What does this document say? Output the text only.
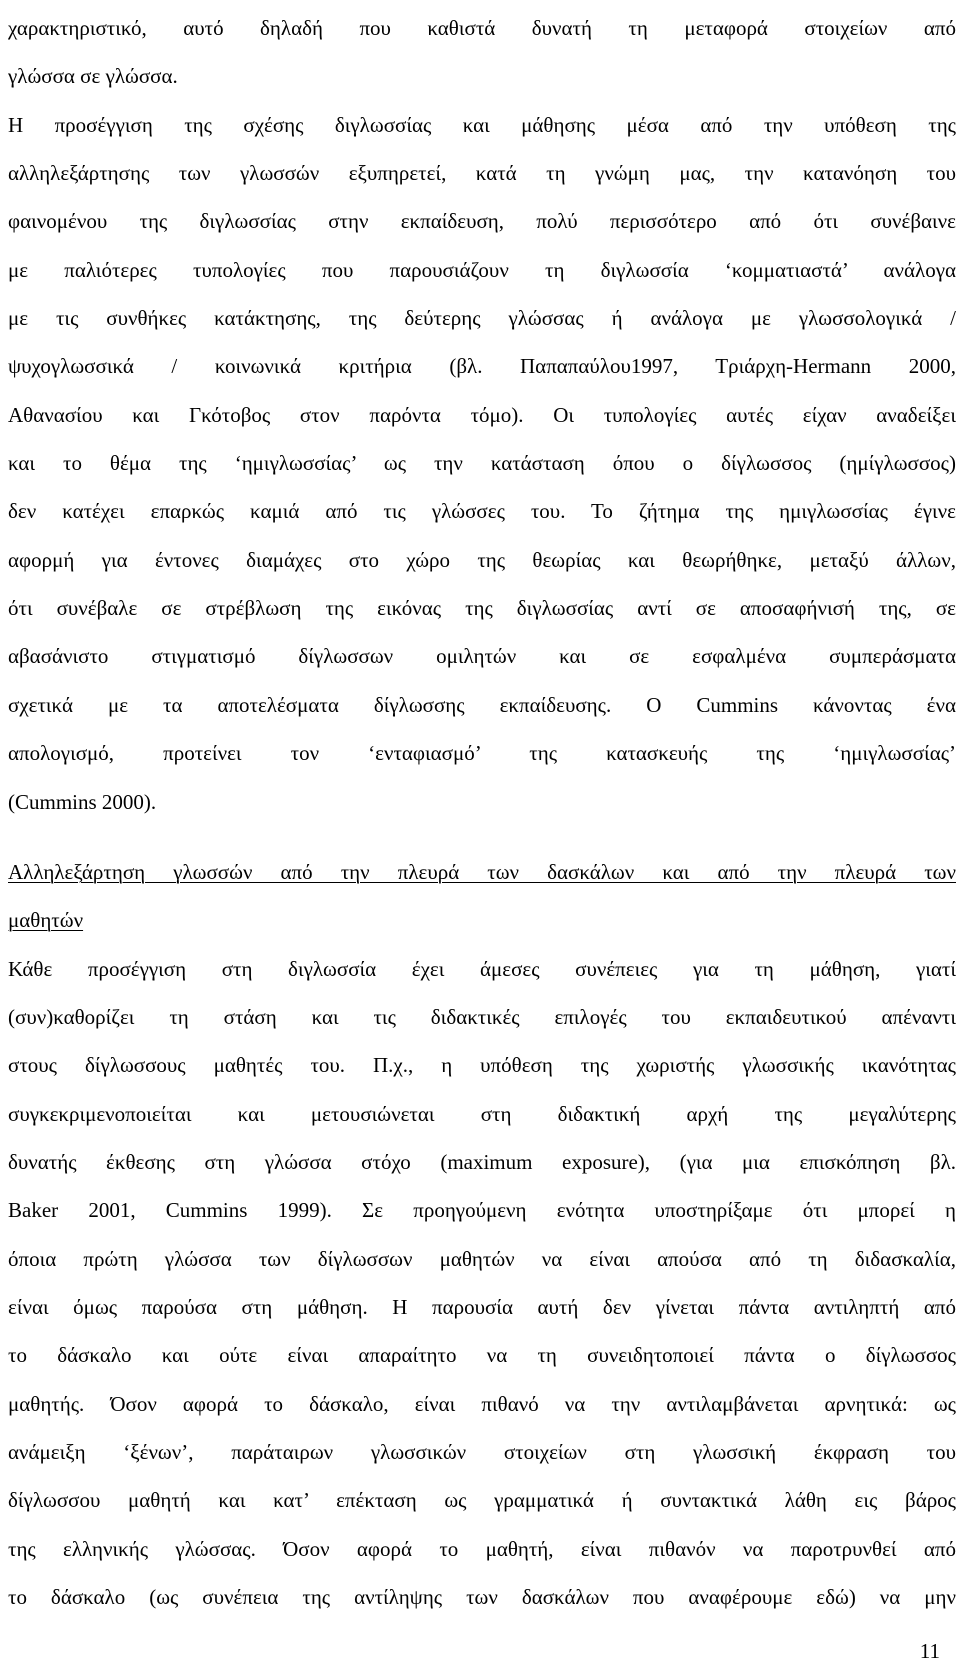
χαρακτηριστικό, αυτό δηλαδή που καθιστά δυνατή τη μεταφορά στοιχείων από
γλώσσα σε γλώσσα.
Η προσέγγιση της σχέσης διγλωσσίας και μάθησης μέσα από την υπόθεση της
αλληλεξάρτησης των γλωσσών εξυπηρετεί, κατά τη γνώμη μας, την κατανόηση του
φαινομένου της διγλωσσίας στην εκπαίδευση, πολύ περισσότερο από ότι συνέβαινε
με παλιότερες τυπολογίες που παρουσιάζουν τη διγλωσσία ‘κομματιαστά’ ανάλογα
με τις συνθήκες κατάκτησης, της δεύτερης γλώσσας ή ανάλογα με γλωσσολογικά /
ψυχογλωσσικά / κοινωνικά κριτήρια (βλ. Παπαπαύλου1997, Τριάρχη-Hermann 2000,
Αθανασίου και Γκότοβος στον παρόντα τόμο). Οι τυπολογίες αυτές είχαν αναδείξει
και το θέμα της ‘ημιγλωσσίας’ ως την κατάσταση όπου ο δίγλωσσος (ημίγλωσσος)
δεν κατέχει επαρκώς καμιά από τις γλώσσες του. Το ζήτημα της ημιγλωσσίας έγινε
αφορμή για έντονες διαμάχες στο χώρο της θεωρίας και θεωρήθηκε, μεταξύ άλλων,
ότι συνέβαλε σε στρέβλωση της εικόνας της διγλωσσίας αντί σε αποσαφήνισή της, σε
αβασάνιστο στιγματισμό δίγλωσσων ομιλητών και σε εσφαλμένα συμπεράσματα
σχετικά με τα αποτελέσματα δίγλωσσης εκπαίδευσης. Ο Cummins κάνοντας ένα
απολογισμό, προτείνει τον ‘ενταφιασμό’ της κατασκευής της ‘ημιγλωσσίας’
(Cummins 2000).
Αλληλεξάρτηση γλωσσών από την πλευρά των δασκάλων και από την πλευρά των
μαθητών
Κάθε προσέγγιση στη διγλωσσία έχει άμεσες συνέπειες για τη μάθηση, γιατί
(συν)καθορίζει τη στάση και τις διδακτικές επιλογές του εκπαιδευτικού απέναντι
στους δίγλωσσους μαθητές του. Π.χ., η υπόθεση της χωριστής γλωσσικής ικανότητας
συγκεκριμενοποιείται και μετουσιώνεται στη διδακτική αρχή της μεγαλύτερης
δυνατής έκθεσης στη γλώσσα στόχο (maximum exposure), (για μια επισκόπηση βλ.
Baker 2001, Cummins 1999). Σε προηγούμενη ενότητα υποστηρίξαμε ότι μπορεί η
όποια πρώτη γλώσσα των δίγλωσσων μαθητών να είναι απούσα από τη διδασκαλία,
είναι όμως παρούσα στη μάθηση. Η παρουσία αυτή δεν γίνεται πάντα αντιληπτή από
το δάσκαλο και ούτε είναι απαραίτητο να τη συνειδητοποιεί πάντα ο δίγλωσσος
μαθητής. Όσον αφορά το δάσκαλο, είναι πιθανό να την αντιλαμβάνεται αρνητικά: ως
ανάμειξη ‘ξένων’, παράταιρων γλωσσικών στοιχείων στη γλωσσική έκφραση του
δίγλωσσου μαθητή και κατ’ επέκταση ως γραμματικά ή συντακτικά λάθη εις βάρος
της ελληνικής γλώσσας. Όσον αφορά το μαθητή, είναι πιθανόν να παροτρυνθεί από
το δάσκαλο (ως συνέπεια της αντίληψης των δασκάλων που αναφέρουμε εδώ) να μην
11
